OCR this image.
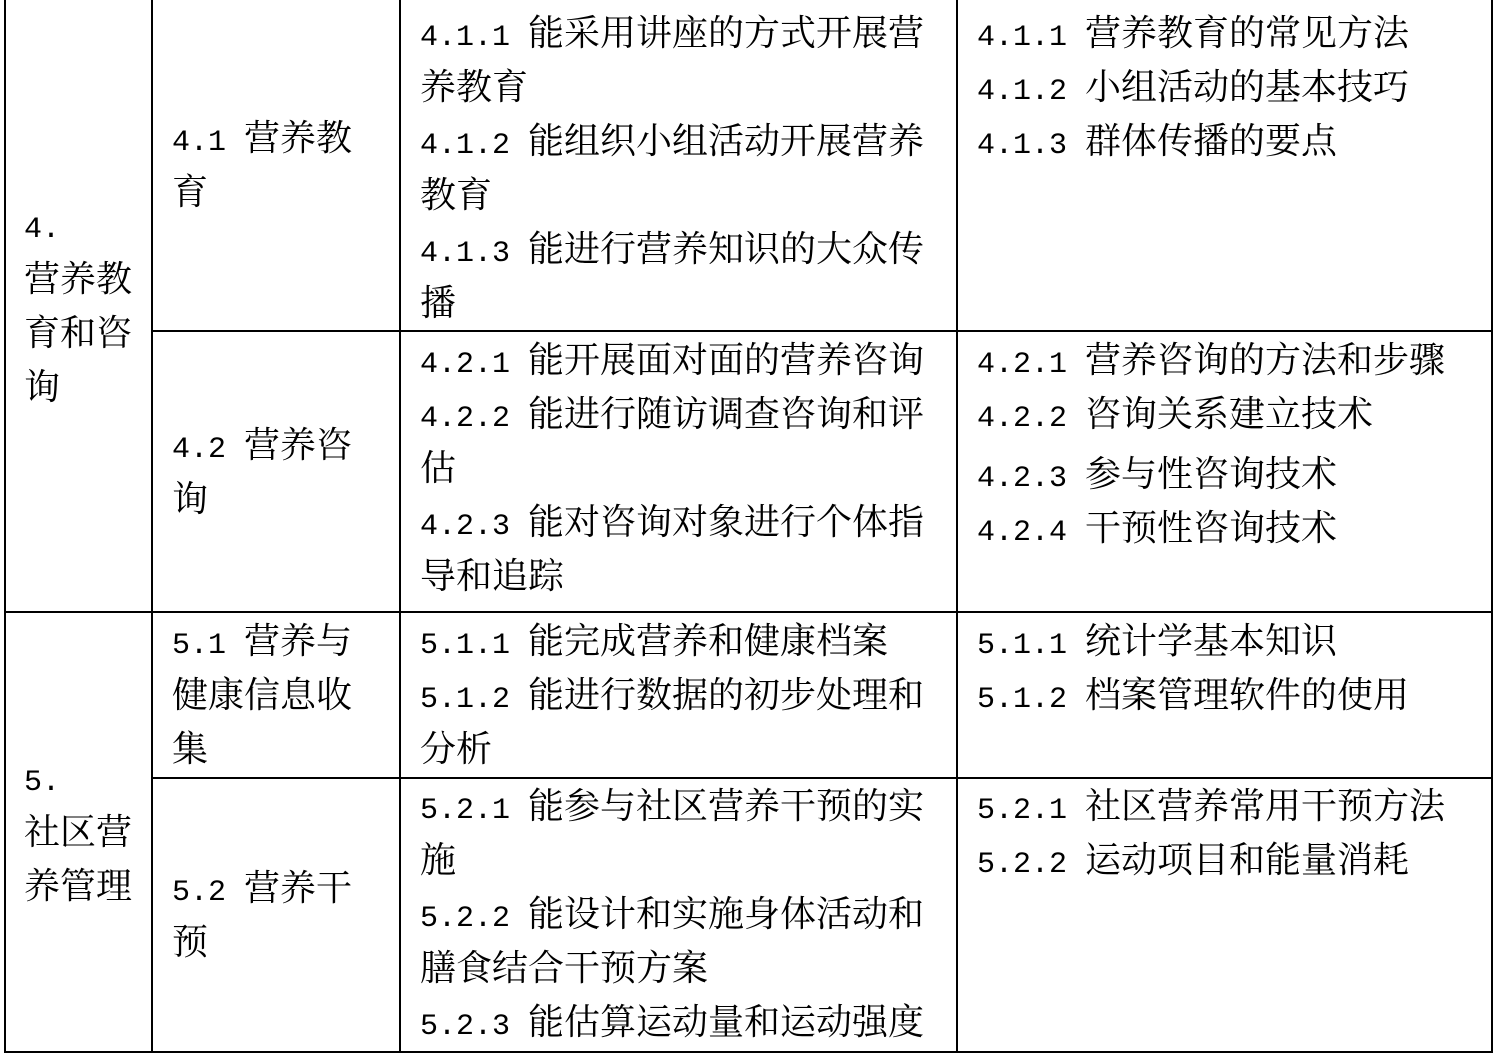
4.
营养教
育和咨
询
4.1 营养教
育
4.1.1 能采用讲座的方式开展营
养教育
4.1.2 能组织小组活动开展营养
教育
4.1.3 能进行营养知识的大众传
播
4.1.1 营养教育的常见方法
4.1.2 小组活动的基本技巧
4.1.3 群体传播的要点
4.2 营养咨
询
4.2.1 能开展面对面的营养咨询
4.2.2 能进行随访调查咨询和评
估
4.2.3 能对咨询对象进行个体指
导和追踪
4.2.1 营养咨询的方法和步骤
4.2.2 咨询关系建立技术
4.2.3 参与性咨询技术
4.2.4 干预性咨询技术
5.
社区营
养管理
5.1 营养与
健康信息收
集
5.1.1 能完成营养和健康档案
5.1.2 能进行数据的初步处理和
分析
5.1.1 统计学基本知识
5.1.2 档案管理软件的使用
5.2 营养干
预
5.2.1 能参与社区营养干预的实
施
5.2.2 能设计和实施身体活动和
膳食结合干预方案
5.2.3 能估算运动量和运动强度
5.2.1 社区营养常用干预方法
5.2.2 运动项目和能量消耗
